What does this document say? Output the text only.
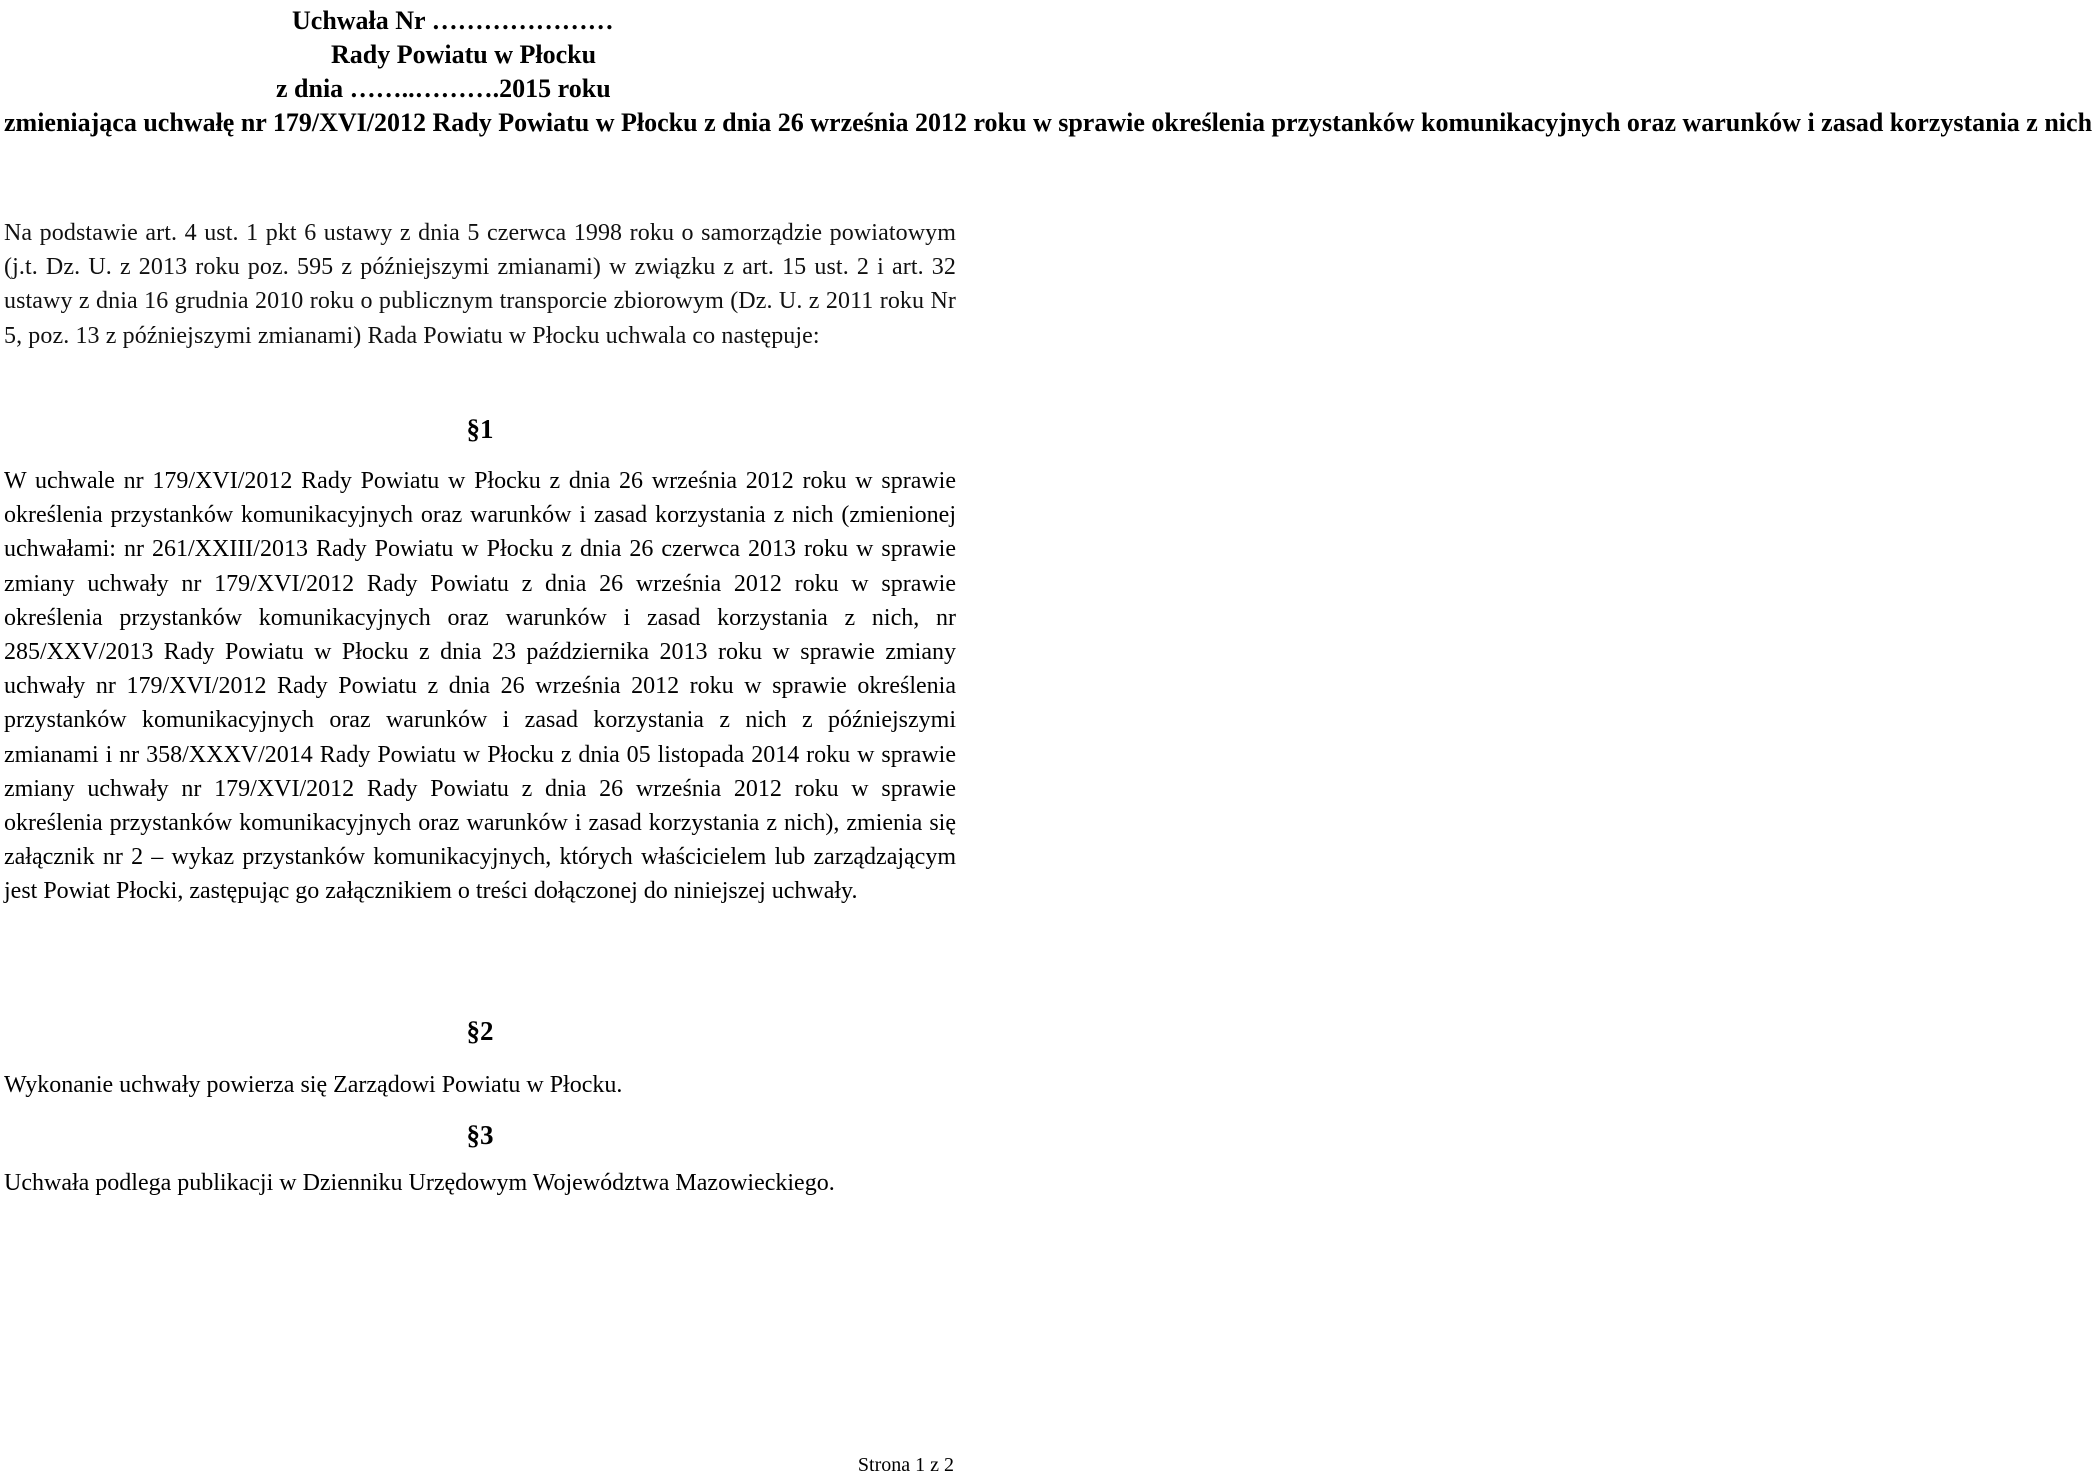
Uchwała Nr …………………
Rady Powiatu w Płocku
z dnia ……..……….2015 roku
zmieniająca uchwałę nr 179/XVI/2012 Rady Powiatu w Płocku z dnia 26 września 2012 roku w sprawie określenia przystanków komunikacyjnych oraz warunków i zasad korzystania z nich
Na podstawie art. 4 ust. 1 pkt 6 ustawy z dnia 5 czerwca 1998 roku o samorządzie powiatowym (j.t. Dz. U. z 2013 roku poz. 595 z późniejszymi zmianami) w związku z art. 15 ust. 2 i art. 32 ustawy z dnia 16 grudnia 2010 roku o publicznym transporcie zbiorowym (Dz. U. z 2011 roku Nr 5, poz. 13 z późniejszymi zmianami) Rada Powiatu w Płocku uchwala co następuje:
§1
W uchwale nr 179/XVI/2012 Rady Powiatu w Płocku z dnia 26 września 2012 roku w sprawie określenia przystanków komunikacyjnych oraz warunków i zasad korzystania z nich (zmienionej uchwałami: nr 261/XXIII/2013 Rady Powiatu w Płocku z dnia 26 czerwca 2013 roku w sprawie zmiany uchwały nr 179/XVI/2012 Rady Powiatu z dnia 26 września 2012 roku w sprawie określenia przystanków komunikacyjnych oraz warunków i zasad korzystania z nich, nr 285/XXV/2013 Rady Powiatu w Płocku z dnia 23 października 2013 roku w sprawie zmiany uchwały nr 179/XVI/2012 Rady Powiatu z dnia 26 września 2012 roku w sprawie określenia przystanków komunikacyjnych oraz warunków i zasad korzystania z nich z późniejszymi zmianami i nr 358/XXXV/2014 Rady Powiatu w Płocku z dnia 05 listopada 2014 roku w sprawie zmiany uchwały nr 179/XVI/2012 Rady Powiatu z dnia 26 września 2012 roku w sprawie określenia przystanków komunikacyjnych oraz warunków i zasad korzystania z nich), zmienia się załącznik nr 2 – wykaz przystanków komunikacyjnych, których właścicielem lub zarządzającym jest Powiat Płocki, zastępując go załącznikiem o treści dołączonej do niniejszej uchwały.
§2
Wykonanie uchwały powierza się Zarządowi Powiatu w Płocku.
§3
Uchwała podlega publikacji w Dzienniku Urzędowym Województwa Mazowieckiego.
Strona 1 z 2
